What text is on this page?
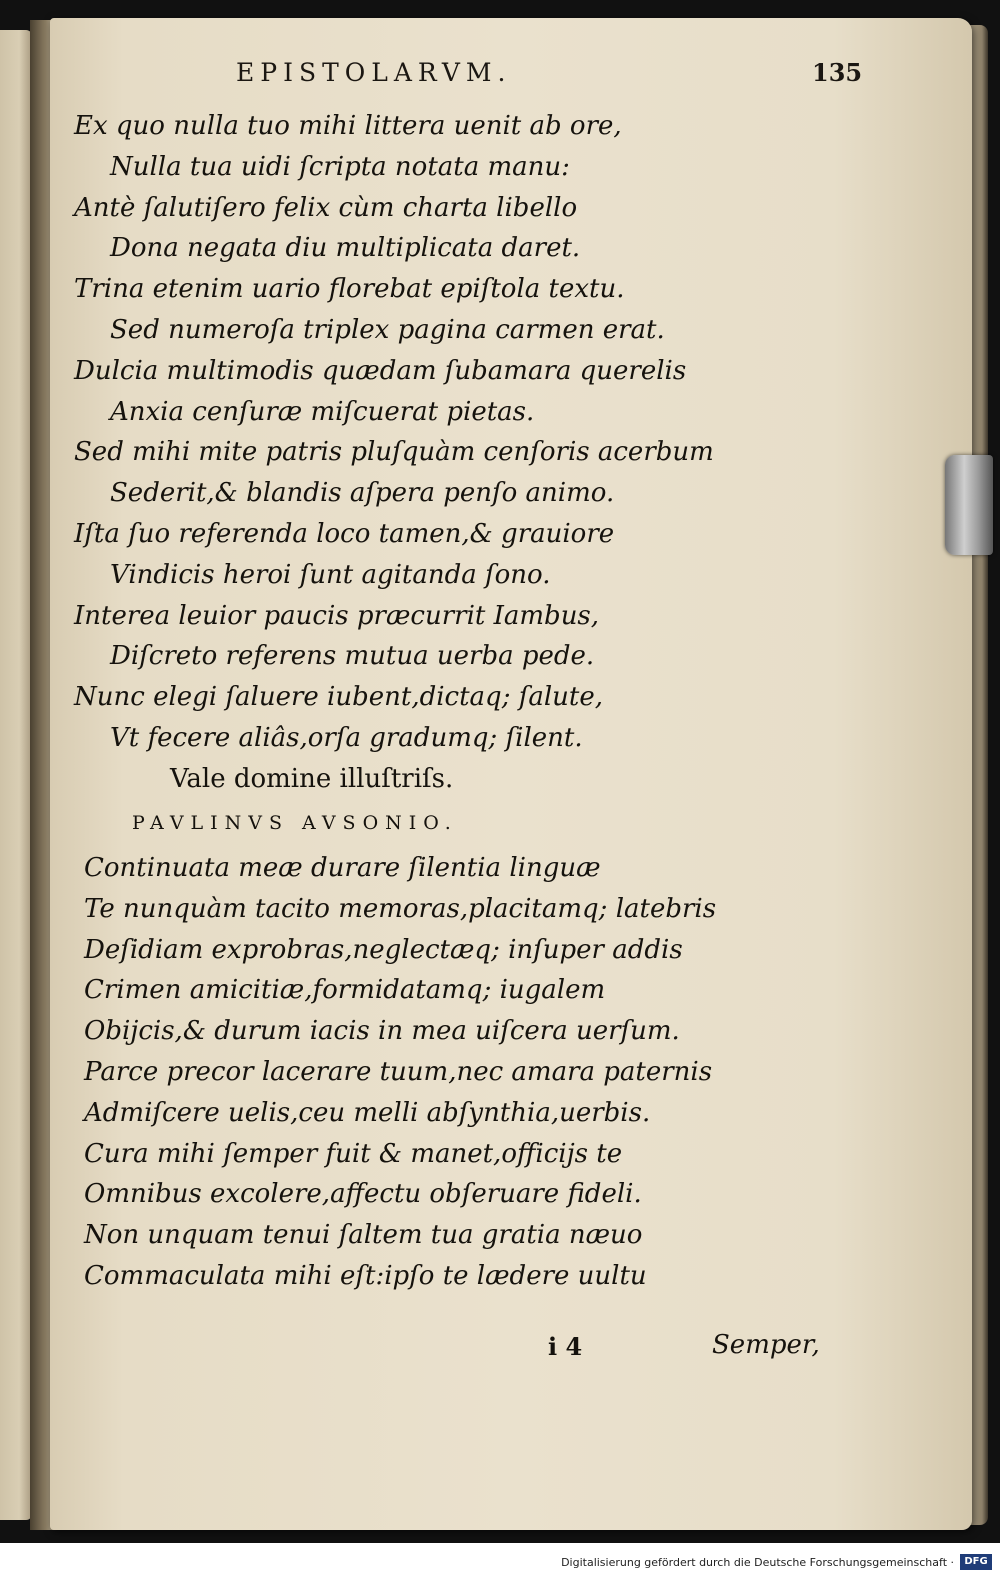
EPISTOLARVM.	135
Ex quo nulla tuo mihi littera uenit ab ore,
Nulla tua uidi ſcripta notata manu:
Antè ſalutiſero felix cùm charta libello
Dona negata diu multiplicata daret.
Trina etenim uario florebat epiſtola textu.
Sed numeroſa triplex pagina carmen erat.
Dulcia multimodis quædam ſubamara querelis
Anxia cenſuræ miſcuerat pietas.
Sed mihi mite patris pluſquàm cenſoris acerbum
Sederit,& blandis aſpera penſo animo.
Iſta ſuo referenda loco tamen,& grauiore
Vindicis heroi ſunt agitanda ſono.
Interea leuior paucis præcurrit Iambus,
Diſcreto referens mutua uerba pede.
Nunc elegi ſaluere iubent,dictaq; ſalute,
Vt fecere aliâs,orſa gradumq; ſilent.
Vale domine illuſtriſs.
PAVLINVS AVSONIO.
Continuata meæ durare ſilentia linguæ
Te nunquàm tacito memoras,placitamq; latebris
Deſidiam exprobras,neglectæq; inſuper addis
Crimen amicitiæ,formidatamq; iugalem
Obijcis,& durum iacis in mea uiſcera uerſum.
Parce precor lacerare tuum,nec amara paternis
Admiſcere uelis,ceu melli abſynthia,uerbis.
Cura mihi ſemper fuit & manet,officijs te
Omnibus excolere,affectu obſeruare fideli.
Non unquam tenui ſaltem tua gratia næuo
Commaculata mihi eſt:ipſo te lædere uultu
i 4	Semper,
Digitalisierung gefördert durch die Deutsche Forschungsgemeinschaft ·	DFG
